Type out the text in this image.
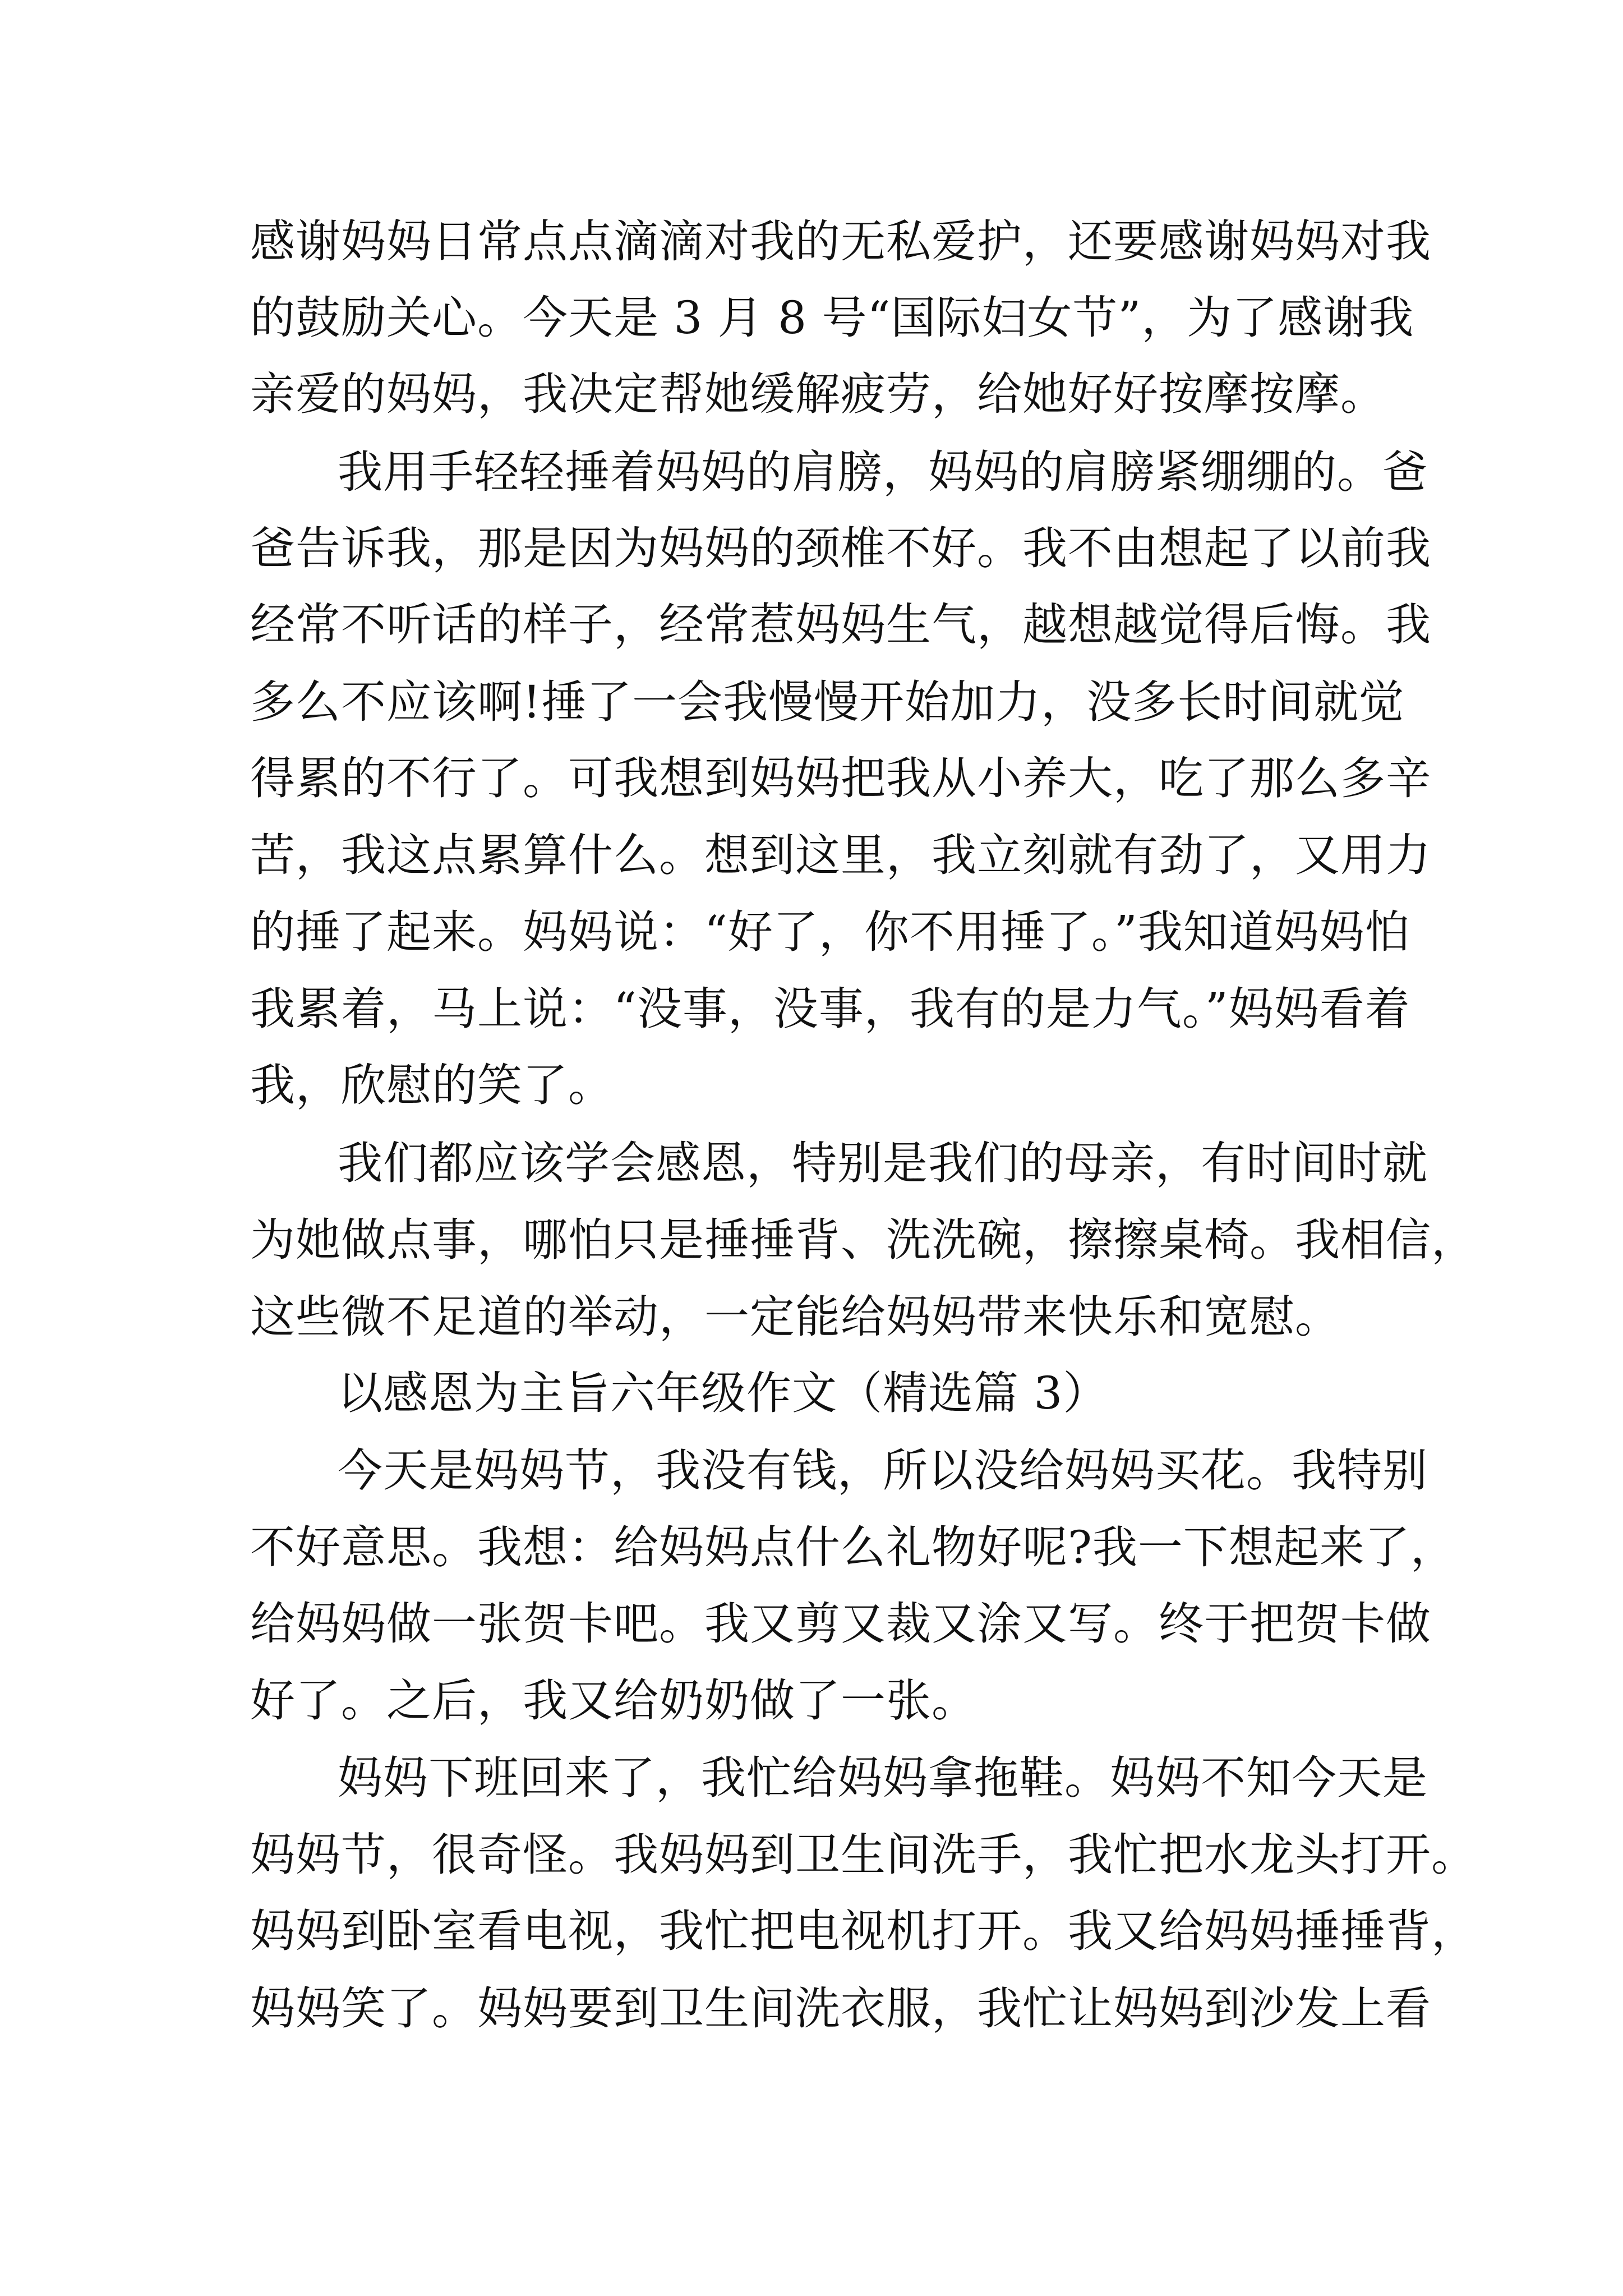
感谢妈妈日常点点滴滴对我的无私爱护，还要感谢妈妈对我
的鼓励关心。今天是 3 月 8 号“国际妇女节”，为了感谢我
亲爱的妈妈，我决定帮她缓解疲劳，给她好好按摩按摩。
我用手轻轻捶着妈妈的肩膀，妈妈的肩膀紧绷绷的。爸
爸告诉我，那是因为妈妈的颈椎不好。我不由想起了以前我
经常不听话的样子，经常惹妈妈生气，越想越觉得后悔。我
多么不应该啊!捶了一会我慢慢开始加力，没多长时间就觉
得累的不行了。可我想到妈妈把我从小养大，吃了那么多辛
苦，我这点累算什么。想到这里，我立刻就有劲了，又用力
的捶了起来。妈妈说：“好了，你不用捶了。”我知道妈妈怕
我累着，马上说：“没事，没事，我有的是力气。”妈妈看着
我，欣慰的笑了。
我们都应该学会感恩，特别是我们的母亲，有时间时就
为她做点事，哪怕只是捶捶背、洗洗碗，擦擦桌椅。我相信，
这些微不足道的举动，一定能给妈妈带来快乐和宽慰。
以感恩为主旨六年级作文（精选篇 3）
今天是妈妈节，我没有钱，所以没给妈妈买花。我特别
不好意思。我想：给妈妈点什么礼物好呢?我一下想起来了，
给妈妈做一张贺卡吧。我又剪又裁又涂又写。终于把贺卡做
好了。之后，我又给奶奶做了一张。
妈妈下班回来了，我忙给妈妈拿拖鞋。妈妈不知今天是
妈妈节，很奇怪。我妈妈到卫生间洗手，我忙把水龙头打开。
妈妈到卧室看电视，我忙把电视机打开。我又给妈妈捶捶背，
妈妈笑了。妈妈要到卫生间洗衣服，我忙让妈妈到沙发上看
